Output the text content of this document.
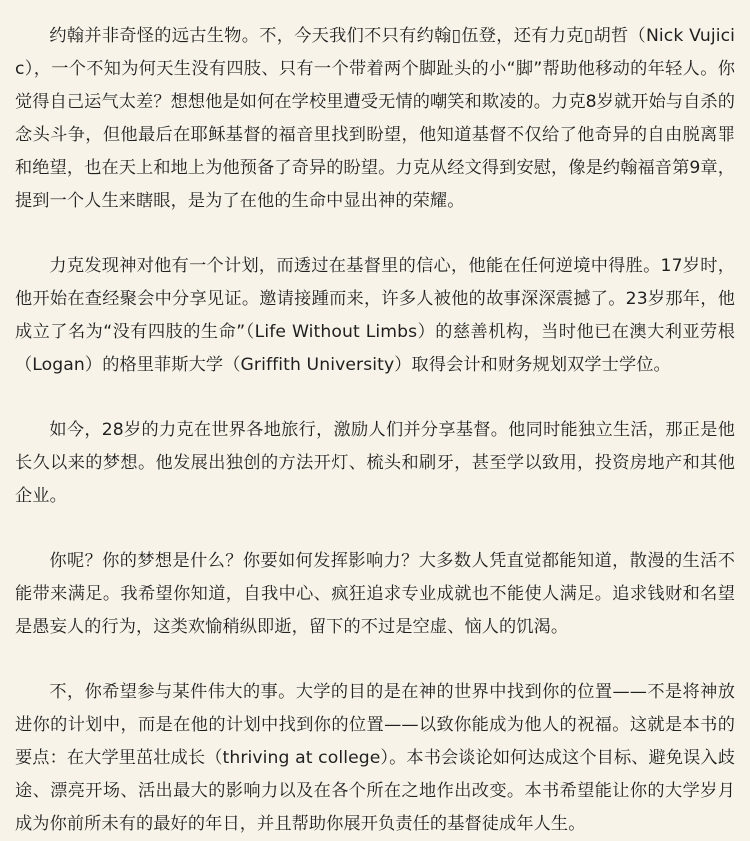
约翰并非奇怪的远古生物。不，今天我们不只有约翰▯伍登，还有力克▯胡哲（Nick Vujicic），一个不知为何天生没有四肢、只有一个带着两个脚趾头的小“脚”帮助他移动的年轻人。你觉得自己运气太差？想想他是如何在学校里遭受无情的嘲笑和欺凌的。力克8岁就开始与自杀的念头斗争，但他最后在耶稣基督的福音里找到盼望，他知道基督不仅给了他奇异的自由脱离罪和绝望，也在天上和地上为他预备了奇异的盼望。力克从经文得到安慰，像是约翰福音第9章，提到一个人生来瞎眼，是为了在他的生命中显出神的荣耀。

力克发现神对他有一个计划，而透过在基督里的信心，他能在任何逆境中得胜。17岁时，他开始在查经聚会中分享见证。邀请接踵而来，许多人被他的故事深深震撼了。23岁那年，他成立了名为“没有四肢的生命”（Life Without Limbs）的慈善机构，当时他已在澳大利亚劳根（Logan）的格里菲斯大学（Griffith University）取得会计和财务规划双学士学位。

如今，28岁的力克在世界各地旅行，激励人们并分享基督。他同时能独立生活，那正是他长久以来的梦想。他发展出独创的方法开灯、梳头和刷牙，甚至学以致用，投资房地产和其他企业。

你呢？你的梦想是什么？你要如何发挥影响力？大多数人凭直觉都能知道，散漫的生活不能带来满足。我希望你知道，自我中心、疯狂追求专业成就也不能使人满足。追求钱财和名望是愚妄人的行为，这类欢愉稍纵即逝，留下的不过是空虚、恼人的饥渴。

不，你希望参与某件伟大的事。大学的目的是在神的世界中找到你的位置——不是将神放进你的计划中，而是在他的计划中找到你的位置——以致你能成为他人的祝福。这就是本书的要点：在大学里茁壮成长（thriving at college）。本书会谈论如何达成这个目标、避免误入歧途、漂亮开场、活出最大的影响力以及在各个所在之地作出改变。本书希望能让你的大学岁月成为你前所未有的最好的年日，并且帮助你展开负责任的基督徒成年人生。
